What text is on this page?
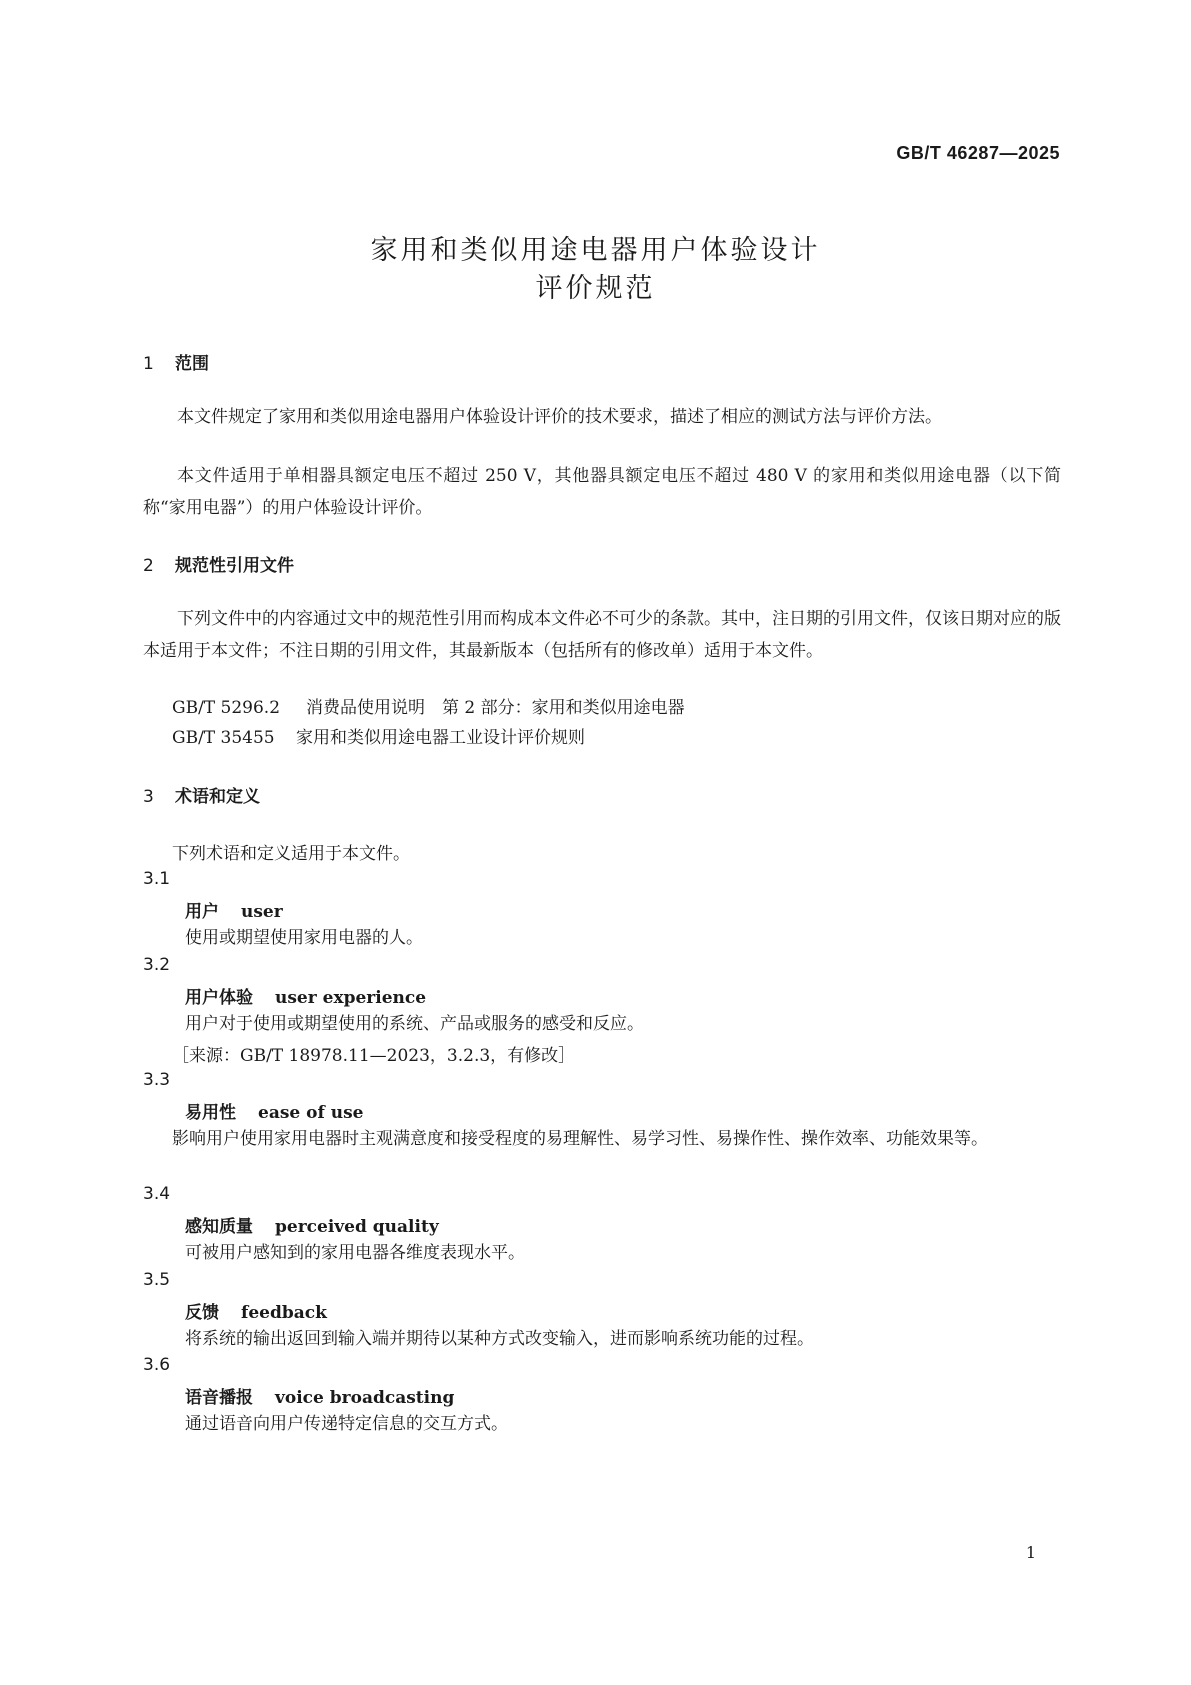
GB/T 46287—2025
家用和类似用途电器用户体验设计
评价规范
1 范围
本文件规定了家用和类似用途电器用户体验设计评价的技术要求，描述了相应的测试方法与评价方法。
本文件适用于单相器具额定电压不超过 250 V，其他器具额定电压不超过 480 V 的家用和类似用途电器（以下简称“家用电器”）的用户体验设计评价。
2 规范性引用文件
下列文件中的内容通过文中的规范性引用而构成本文件必不可少的条款。其中，注日期的引用文件，仅该日期对应的版本适用于本文件；不注日期的引用文件，其最新版本（包括所有的修改单）适用于本文件。
GB/T 5296.2 消费品使用说明　第 2 部分：家用和类似用途电器
GB/T 35455 家用和类似用途电器工业设计评价规则
3 术语和定义
下列术语和定义适用于本文件。
3.1
用户 user
使用或期望使用家用电器的人。
3.2
用户体验 user experience
用户对于使用或期望使用的系统、产品或服务的感受和反应。
［来源：GB/T 18978.11—2023，3.2.3，有修改］
3.3
易用性 ease of use
影响用户使用家用电器时主观满意度和接受程度的易理解性、易学习性、易操作性、操作效率、功能效果等。
3.4
感知质量 perceived quality
可被用户感知到的家用电器各维度表现水平。
3.5
反馈 feedback
将系统的输出返回到输入端并期待以某种方式改变输入，进而影响系统功能的过程。
3.6
语音播报 voice broadcasting
通过语音向用户传递特定信息的交互方式。
1
